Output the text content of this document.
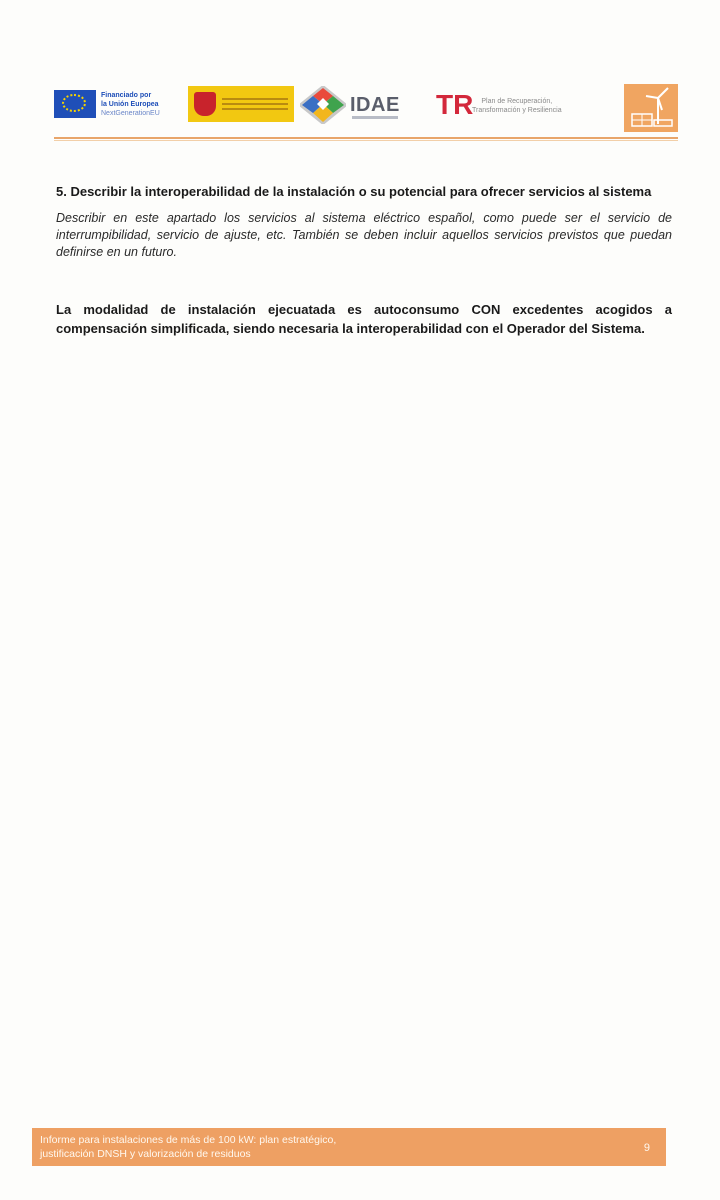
Financiado por
la Unión Europea
NextGenerationEU	IDAE TR	Plan de Recuperación,
Transformación y Resiliencia
5. Describir la interoperabilidad de la instalación o su potencial para ofrecer servicios al sistema
Describir en este apartado los servicios al sistema eléctrico español, como puede ser el servicio de interrumpibilidad, servicio de ajuste, etc. También se deben incluir aquellos servicios previstos que puedan definirse en un futuro.
La modalidad de instalación ejecuatada es autoconsumo CON excedentes acogidos a compensación simplificada, siendo necesaria la interoperabilidad con el Operador del Sistema.
Informe para instalaciones de más de 100 kW: plan estratégico,
justificación DNSH y valorización de residuos	9
